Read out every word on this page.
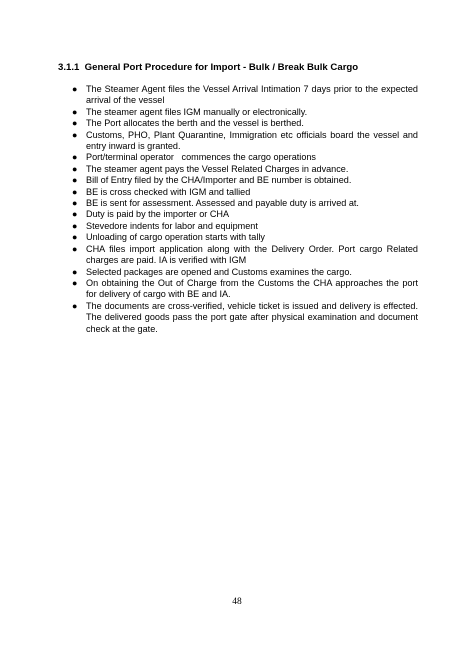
3.1.1 General Port Procedure for Import - Bulk / Break Bulk Cargo
● The Steamer Agent files the Vessel Arrival Intimation 7 days prior to the expected arrival of the vessel
● The steamer agent files IGM manually or electronically.
● The Port allocates the berth and the vessel is berthed.
● Customs, PHO, Plant Quarantine, Immigration etc officials board the vessel and entry inward is granted.
● Port/terminal operator   commences the cargo operations
● The steamer agent pays the Vessel Related Charges in advance.
● Bill of Entry filed by the CHA/Importer and BE number is obtained.
● BE is cross checked with IGM and tallied
● BE is sent for assessment. Assessed and payable duty is arrived at.
● Duty is paid by the importer or CHA
● Stevedore indents for labor and equipment
● Unloading of cargo operation starts with tally
● CHA files import application along with the Delivery Order. Port cargo Related charges are paid. IA is verified with IGM
● Selected packages are opened and Customs examines the cargo.
● On obtaining the Out of Charge from the Customs the CHA approaches the port for delivery of cargo with BE and IA.
● The documents are cross-verified, vehicle ticket is issued and delivery is effected. The delivered goods pass the port gate after physical examination and document check at the gate.
48
